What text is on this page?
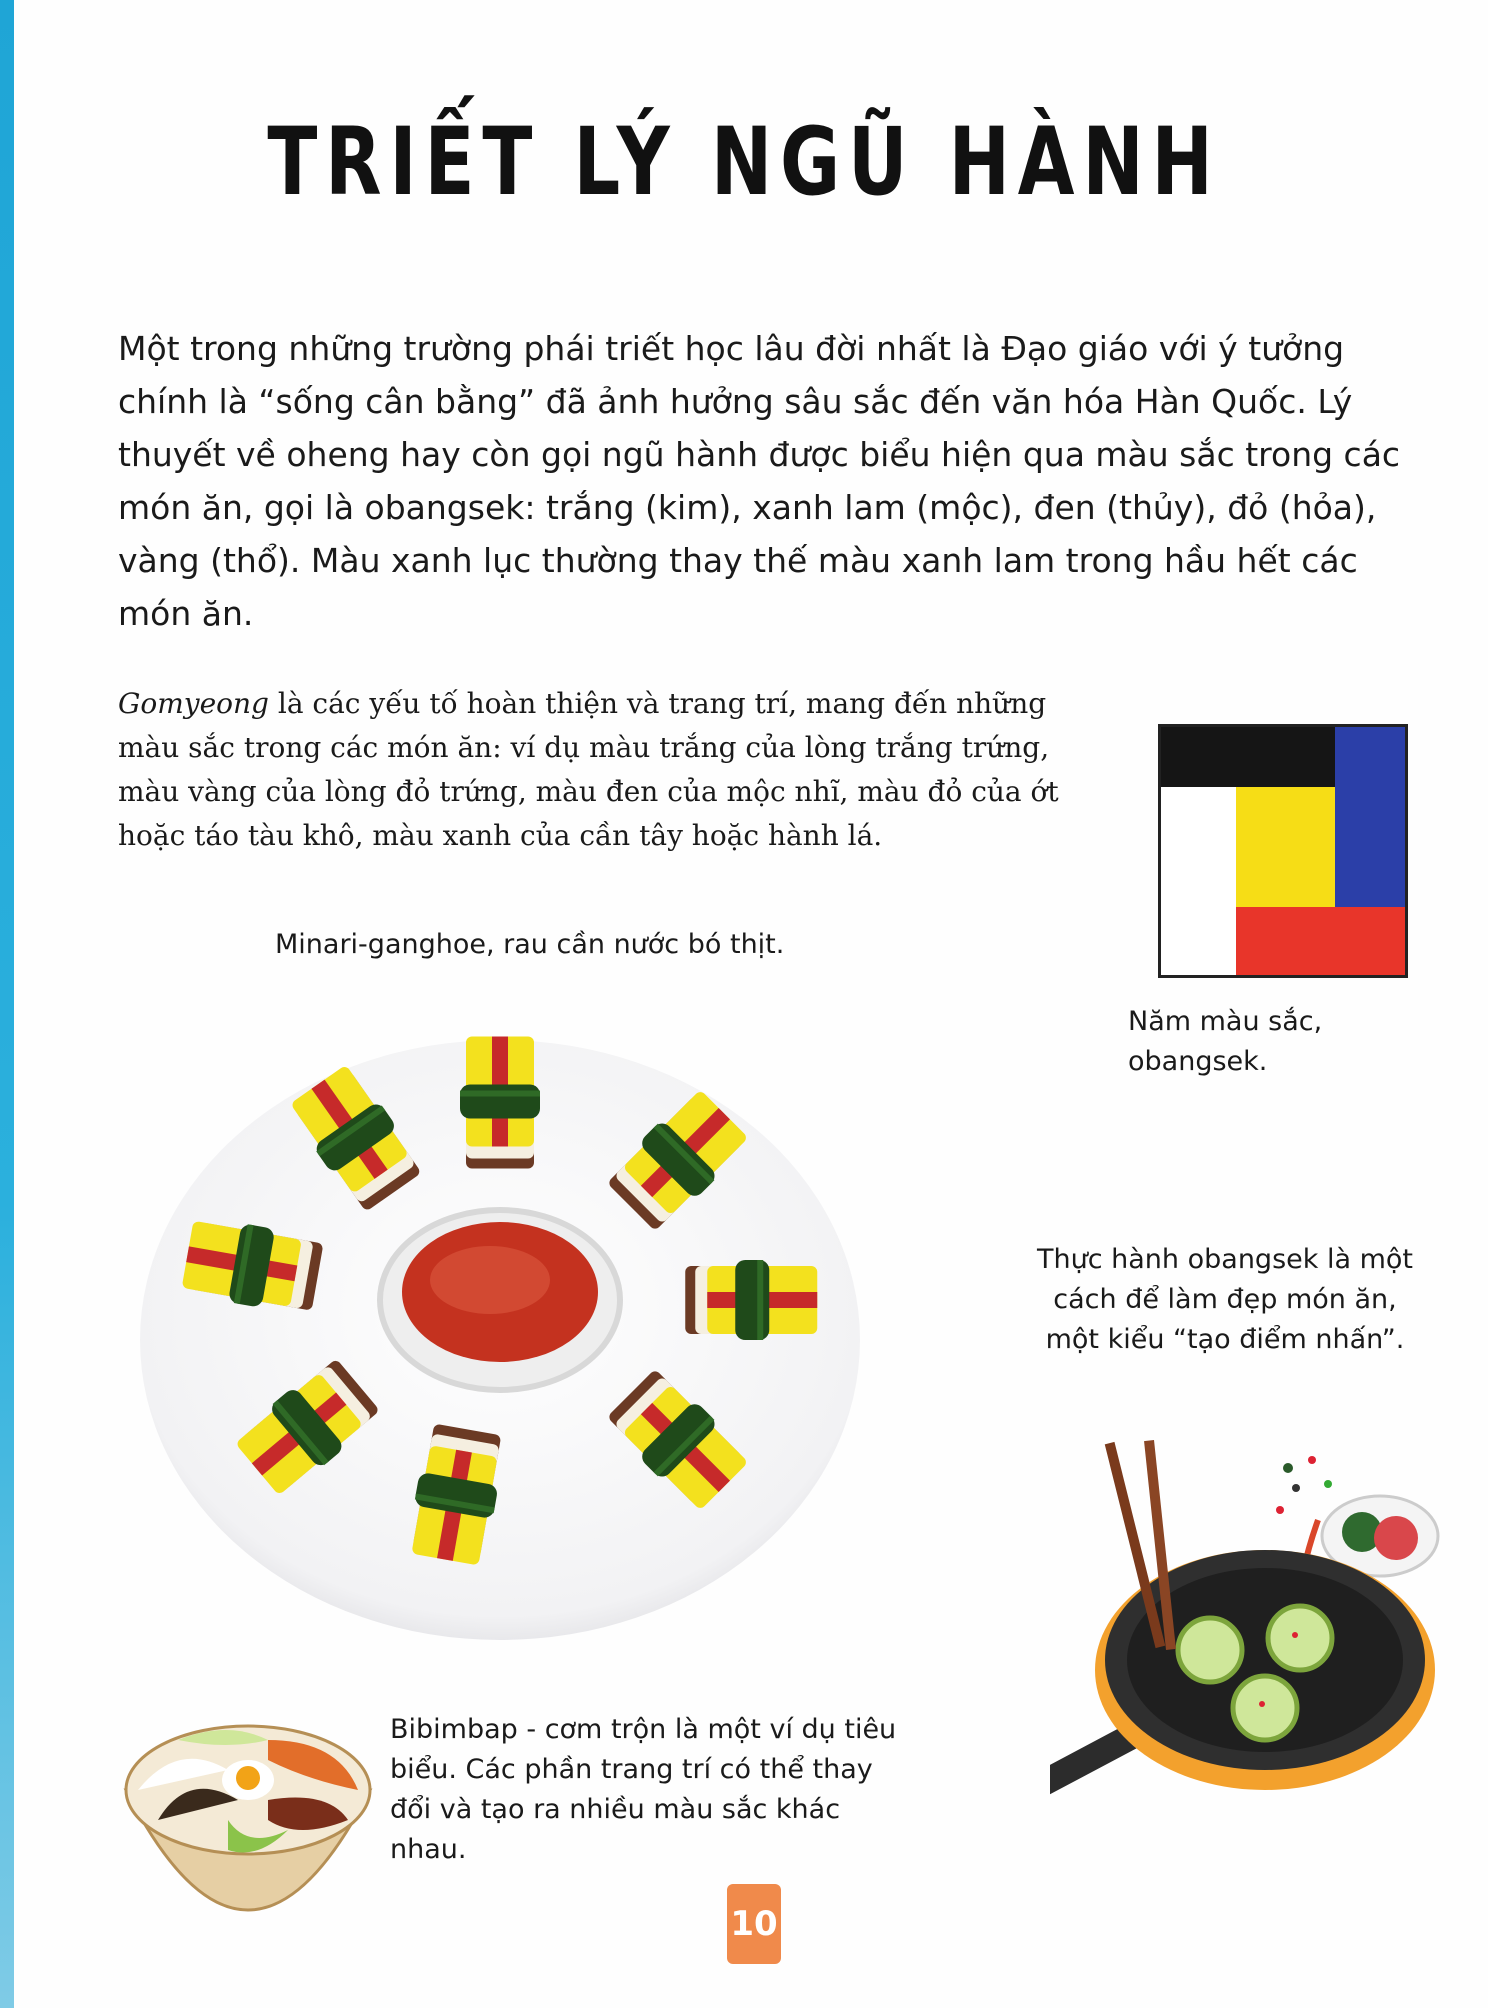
TRIẾT LÝ NGŨ HÀNH
Một trong những trường phái triết học lâu đời nhất là Đạo giáo với ý tưởng chính là “sống cân bằng” đã ảnh hưởng sâu sắc đến văn hóa Hàn Quốc. Lý thuyết về oheng hay còn gọi ngũ hành được biểu hiện qua màu sắc trong các món ăn, gọi là obangsek: trắng (kim), xanh lam (mộc), đen (thủy), đỏ (hỏa), vàng (thổ). Màu xanh lục thường thay thế màu xanh lam trong hầu hết các món ăn.
Gomyeong là các yếu tố hoàn thiện và trang trí, mang đến những màu sắc trong các món ăn: ví dụ màu trắng của lòng trắng trứng, màu vàng của lòng đỏ trứng, màu đen của mộc nhĩ, màu đỏ của ớt hoặc táo tàu khô, màu xanh của cần tây hoặc hành lá.
Năm màu sắc, obangsek.
Minari-ganghoe, rau cần nước bó thịt.
Thực hành obangsek là một cách để làm đẹp món ăn, một kiểu “tạo điểm nhấn”.
Bibimbap - cơm trộn là một ví dụ tiêu biểu. Các phần trang trí có thể thay đổi và tạo ra nhiều màu sắc khác nhau.
10
